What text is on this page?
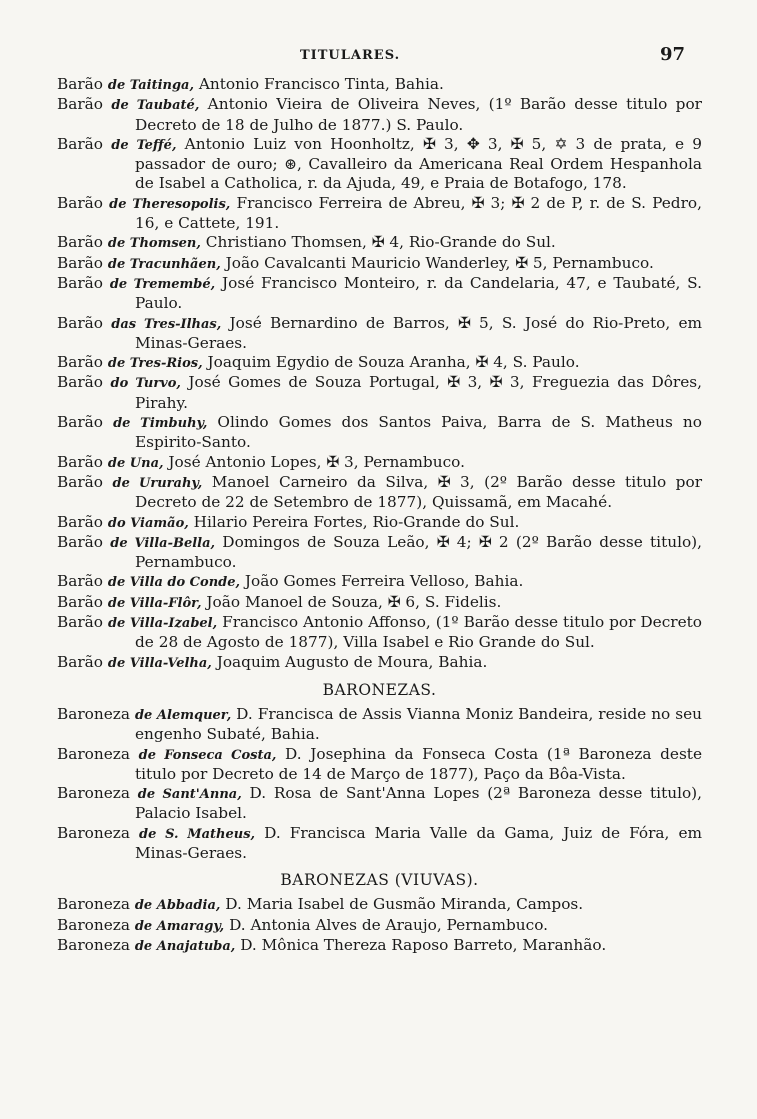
TITULARES.	97

Barão de Taitinga, Antonio Francisco Tinta, Bahia.

Barão de Taubaté, Antonio Vieira de Oliveira Neves, (1º Barão desse titulo por Decreto de 18 de Julho de 1877.) S. Paulo.

Barão de Teffé, Antonio Luiz von Hoonholtz, ✠ 3, ✥ 3, ✠ 5, ✡ 3 de prata, e 9 passador de ouro; ⊛, Cavalleiro da Americana Real Ordem Hespanhola de Isabel a Catholica, r. da Ajuda, 49, e Praia de Botafogo, 178.

Barão de Theresopolis, Francisco Ferreira de Abreu, ✠ 3; ✠ 2 de P, r. de S. Pedro, 16, e Cattete, 191.

Barão de Thomsen, Christiano Thomsen, ✠ 4, Rio-Grande do Sul.

Barão de Tracunhãen, João Cavalcanti Mauricio Wanderley, ✠ 5, Pernambuco.

Barão de Tremembé, José Francisco Monteiro, r. da Candelaria, 47, e Taubaté, S. Paulo.

Barão das Tres-Ilhas, José Bernardino de Barros, ✠ 5, S. José do Rio-Preto, em Minas-Geraes.

Barão de Tres-Rios, Joaquim Egydio de Souza Aranha, ✠ 4, S. Paulo.

Barão do Turvo, José Gomes de Souza Portugal, ✠ 3, ✠ 3, Freguezia das Dôres, Pirahy.

Barão de Timbuhy, Olindo Gomes dos Santos Paiva, Barra de S. Matheus no Espirito-Santo.

Barão de Una, José Antonio Lopes, ✠ 3, Pernambuco.

Barão de Ururahy, Manoel Carneiro da Silva, ✠ 3, (2º Barão desse titulo por Decreto de 22 de Setembro de 1877), Quissamã, em Macahé.

Barão do Viamão, Hilario Pereira Fortes, Rio-Grande do Sul.

Barão de Villa-Bella, Domingos de Souza Leão, ✠ 4; ✠ 2 (2º Barão desse titulo), Pernambuco.

Barão de Villa do Conde, João Gomes Ferreira Velloso, Bahia.

Barão de Villa-Flôr, João Manoel de Souza, ✠ 6, S. Fidelis.

Barão de Villa-Izabel, Francisco Antonio Affonso, (1º Barão desse titulo por Decreto de 28 de Agosto de 1877), Villa Isabel e Rio Grande do Sul.

Barão de Villa-Velha, Joaquim Augusto de Moura, Bahia.

BARONEZAS.

Baroneza de Alemquer, D. Francisca de Assis Vianna Moniz Bandeira, reside no seu engenho Subaté, Bahia.

Baroneza de Fonseca Costa, D. Josephina da Fonseca Costa (1ª Baroneza deste titulo por Decreto de 14 de Março de 1877), Paço da Bôa-Vista.

Baroneza de Sant'Anna, D. Rosa de Sant'Anna Lopes (2ª Baroneza desse titulo), Palacio Isabel.

Baroneza de S. Matheus, D. Francisca Maria Valle da Gama, Juiz de Fóra, em Minas-Geraes.

BARONEZAS (VIUVAS).

Baroneza de Abbadia, D. Maria Isabel de Gusmão Miranda, Campos.

Baroneza de Amaragy, D. Antonia Alves de Araujo, Pernambuco.

Baroneza de Anajatuba, D. Mônica Thereza Raposo Barreto, Maranhão.
